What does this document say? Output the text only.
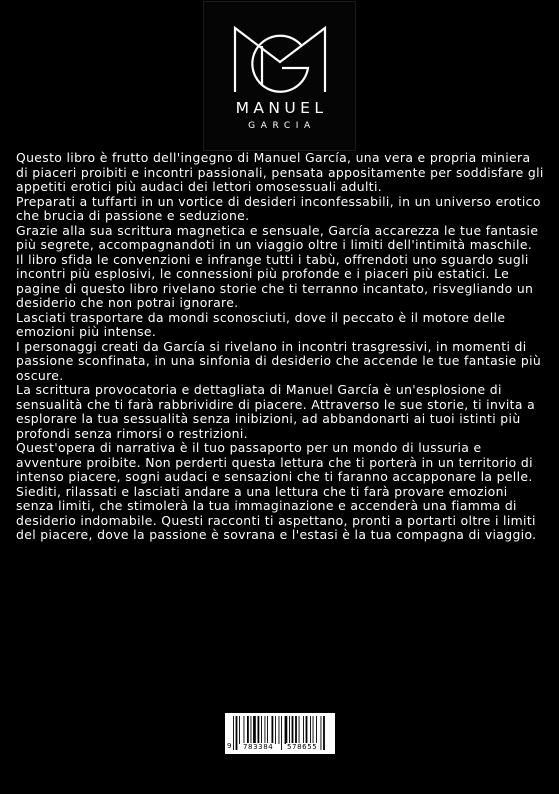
MANUEL
GARCIA

Questo libro è frutto dell'ingegno di Manuel García, una vera e propria miniera di piaceri proibiti e incontri passionali, pensata appositamente per soddisfare gli appetiti erotici più audaci dei lettori omosessuali adulti.

Preparati a tuffarti in un vortice di desideri inconfessabili, in un universo erotico che brucia di passione e seduzione.

Grazie alla sua scrittura magnetica e sensuale, García accarezza le tue fantasie più segrete, accompagnandoti in un viaggio oltre i limiti dell'intimità maschile.

Il libro sfida le convenzioni e infrange tutti i tabù, offrendoti uno sguardo sugli incontri più esplosivi, le connessioni più profonde e i piaceri più estatici. Le pagine di questo libro rivelano storie che ti terranno incantato, risvegliando un desiderio che non potrai ignorare.

Lasciati trasportare da mondi sconosciuti, dove il peccato è il motore delle emozioni più intense.

I personaggi creati da García si rivelano in incontri trasgressivi, in momenti di passione sconfinata, in una sinfonia di desiderio che accende le tue fantasie più oscure.

La scrittura provocatoria e dettagliata di Manuel García è un'esplosione di sensualità che ti farà rabbrividire di piacere. Attraverso le sue storie, ti invita a esplorare la tua sessualità senza inibizioni, ad abbandonarti ai tuoi istinti più profondi senza rimorsi o restrizioni.

Quest'opera di narrativa è il tuo passaporto per un mondo di lussuria e avventure proibite. Non perderti questa lettura che ti porterà in un territorio di intenso piacere, sogni audaci e sensazioni che ti faranno accapponare la pelle.

Siediti, rilassati e lasciati andare a una lettura che ti farà provare emozioni senza limiti, che stimolerà la tua immaginazione e accenderà una fiamma di desiderio indomabile. Questi racconti ti aspettano, pronti a portarti oltre i limiti del piacere, dove la passione è sovrana e l'estasi è la tua compagna di viaggio.

9 783384 578655
